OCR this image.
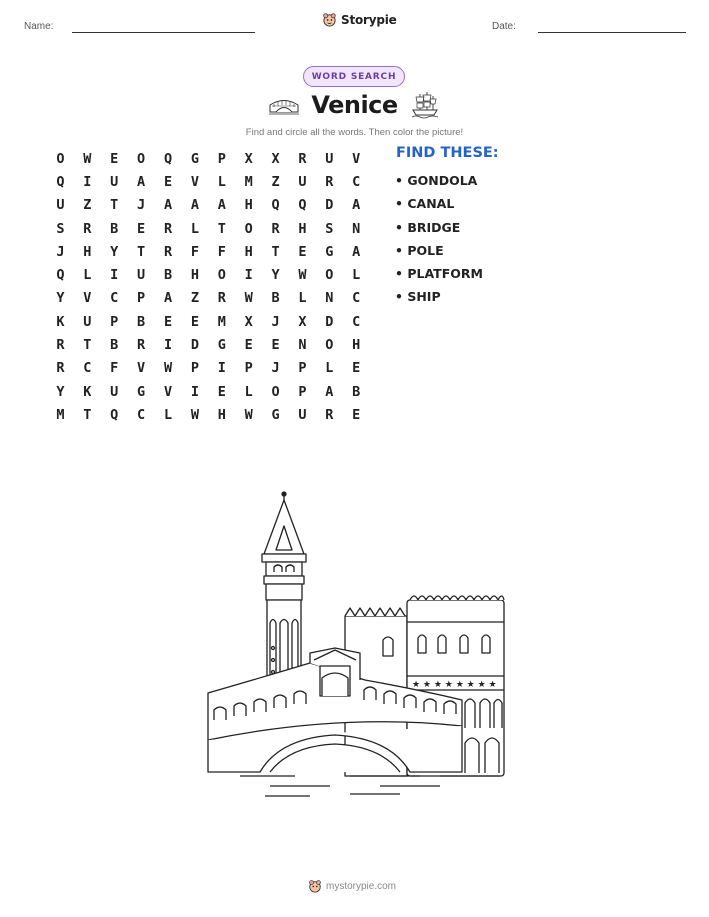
Name:	Storypie	Date:
WORD SEARCH
Venice
Find and circle all the words. Then color the picture!
O	W	E	O	Q	G	P	X	X	R	U	V
Q	I	U	A	E	V	L	M	Z	U	R	C
U	Z	T	J	A	A	A	H	Q	Q	D	A
S	R	B	E	R	L	T	O	R	H	S	N
J	H	Y	T	R	F	F	H	T	E	G	A
Q	L	I	U	B	H	O	I	Y	W	O	L
Y	V	C	P	A	Z	R	W	B	L	N	C
K	U	P	B	E	E	M	X	J	X	D	C
R	T	B	R	I	D	G	E	E	N	O	H
R	C	F	V	W	P	I	P	J	P	L	E
Y	K	U	G	V	I	E	L	O	P	A	B
M	T	Q	C	L	W	H	W	G	U	R	E
FIND THESE:
• GONDOLA
• CANAL
• BRIDGE
• POLE
• PLATFORM
• SHIP
★ ★ ★ ★ ★ ★ ★ ★
mystorypie.com
